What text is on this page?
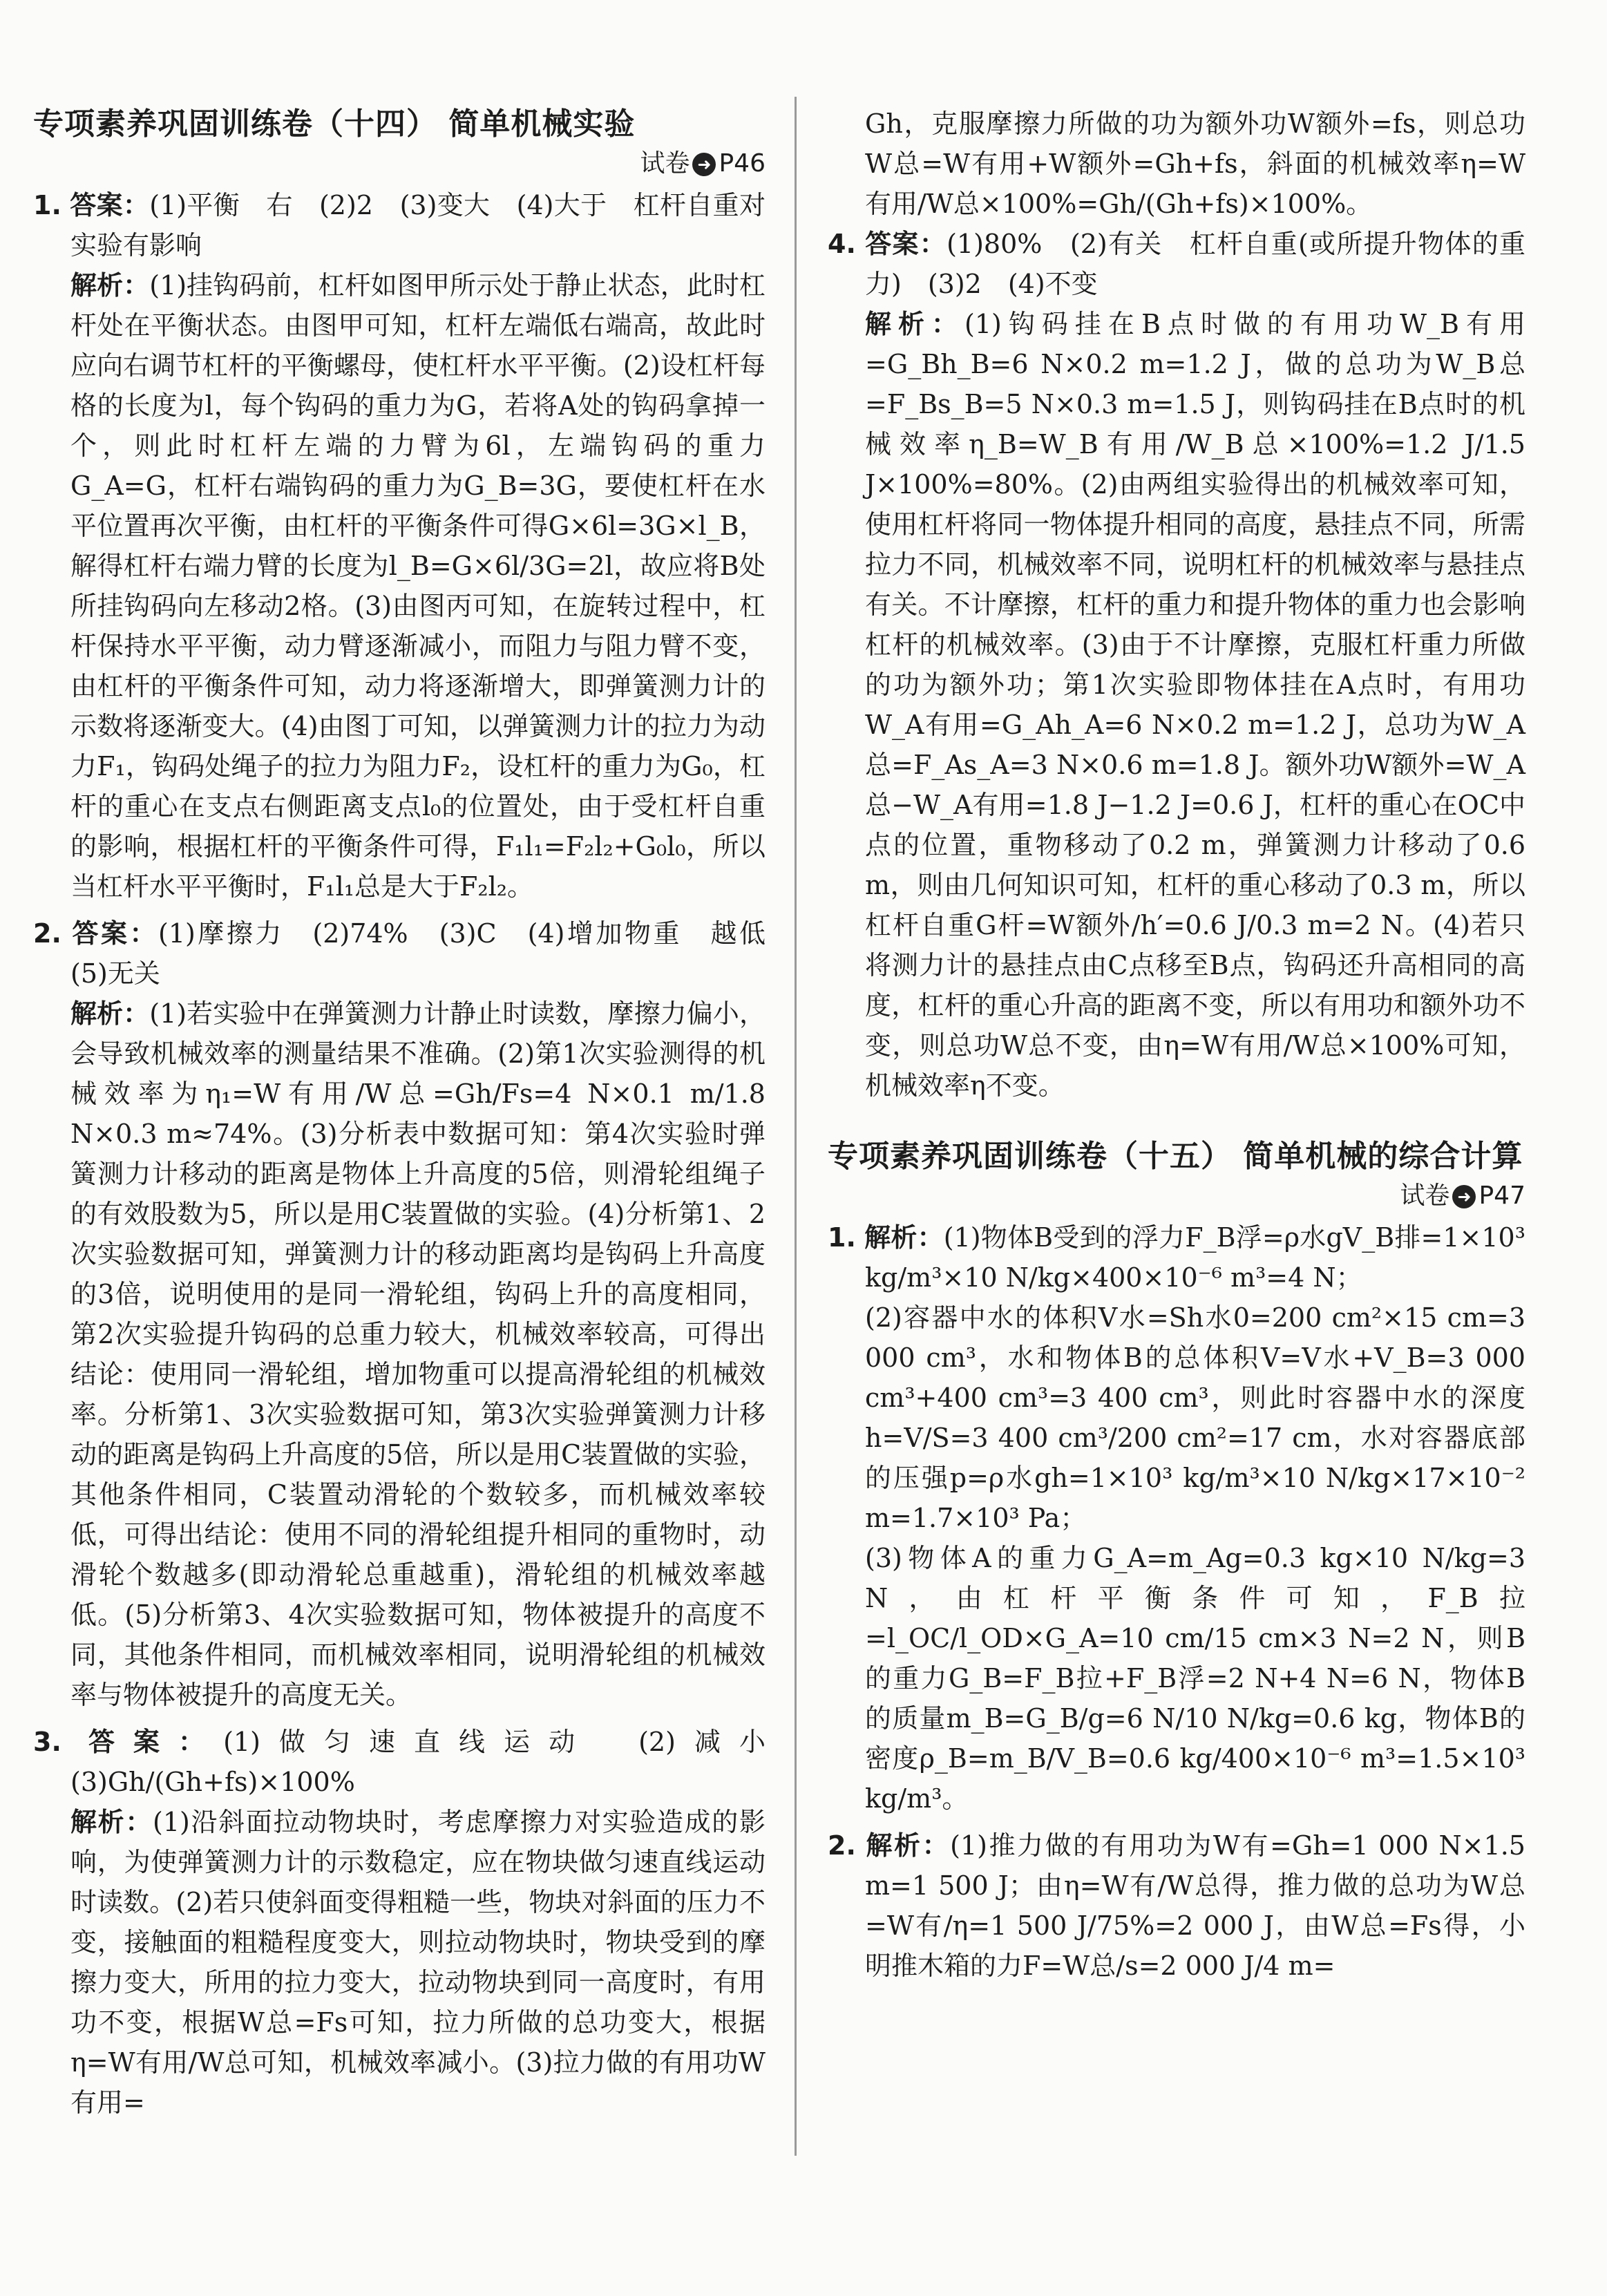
专项素养巩固训练卷（十四） 简单机械实验
试卷 ➜ P46

1. 答案：(1)平衡　右　(2)2　(3)变大　(4)大于　杠杆自重对实验有影响

解析：(1)挂钩码前，杠杆如图甲所示处于静止状态，此时杠杆处在平衡状态。由图甲可知，杠杆左端低右端高，故此时应向右调节杠杆的平衡螺母，使杠杆水平平衡。(2)设杠杆每格的长度为l，每个钩码的重力为G，若将A处的钩码拿掉一个，则此时杠杆左端的力臂为6l，左端钩码的重力G_A=G，杠杆右端钩码的重力为G_B=3G，要使杠杆在水平位置再次平衡，由杠杆的平衡条件可得G×6l=3G×l_B，解得杠杆右端力臂的长度为l_B=G×6l/3G=2l，故应将B处所挂钩码向左移动2格。(3)由图丙可知，在旋转过程中，杠杆保持水平平衡，动力臂逐渐减小，而阻力与阻力臂不变，由杠杆的平衡条件可知，动力将逐渐增大，即弹簧测力计的示数将逐渐变大。(4)由图丁可知，以弹簧测力计的拉力为动力F₁，钩码处绳子的拉力为阻力F₂，设杠杆的重力为G₀，杠杆的重心在支点右侧距离支点l₀的位置处，由于受杠杆自重的影响，根据杠杆的平衡条件可得，F₁l₁=F₂l₂+G₀l₀，所以当杠杆水平平衡时，F₁l₁总是大于F₂l₂。

2. 答案：(1)摩擦力　(2)74%　(3)C　(4)增加物重　越低　(5)无关

解析：(1)若实验中在弹簧测力计静止时读数，摩擦力偏小，会导致机械效率的测量结果不准确。(2)第1次实验测得的机械效率为η₁=W有用/W总=Gh/Fs=4 N×0.1 m/1.8 N×0.3 m≈74%。(3)分析表中数据可知：第4次实验时弹簧测力计移动的距离是物体上升高度的5倍，则滑轮组绳子的有效股数为5，所以是用C装置做的实验。(4)分析第1、2次实验数据可知，弹簧测力计的移动距离均是钩码上升高度的3倍，说明使用的是同一滑轮组，钩码上升的高度相同，第2次实验提升钩码的总重力较大，机械效率较高，可得出结论：使用同一滑轮组，增加物重可以提高滑轮组的机械效率。分析第1、3次实验数据可知，第3次实验弹簧测力计移动的距离是钩码上升高度的5倍，所以是用C装置做的实验，其他条件相同，C装置动滑轮的个数较多，而机械效率较低，可得出结论：使用不同的滑轮组提升相同的重物时，动滑轮个数越多(即动滑轮总重越重)，滑轮组的机械效率越低。(5)分析第3、4次实验数据可知，物体被提升的高度不同，其他条件相同，而机械效率相同，说明滑轮组的机械效率与物体被提升的高度无关。

3. 答案：(1)做匀速直线运动　(2)减小　(3)Gh/(Gh+fs)×100%

解析：(1)沿斜面拉动物块时，考虑摩擦力对实验造成的影响，为使弹簧测力计的示数稳定，应在物块做匀速直线运动时读数。(2)若只使斜面变得粗糙一些，物块对斜面的压力不变，接触面的粗糙程度变大，则拉动物块时，物块受到的摩擦力变大，所用的拉力变大，拉动物块到同一高度时，有用功不变，根据W总=Fs可知，拉力所做的总功变大，根据η=W有用/W总可知，机械效率减小。(3)拉力做的有用功W有用=

Gh，克服摩擦力所做的功为额外功W额外=fs，则总功W总=W有用+W额外=Gh+fs，斜面的机械效率η=W有用/W总×100%=Gh/(Gh+fs)×100%。

4. 答案：(1)80%　(2)有关　杠杆自重(或所提升物体的重力)　(3)2　(4)不变

解析：(1)钩码挂在B点时做的有用功W_B有用=G_Bh_B=6 N×0.2 m=1.2 J，做的总功为W_B总=F_Bs_B=5 N×0.3 m=1.5 J，则钩码挂在B点时的机械效率η_B=W_B有用/W_B总×100%=1.2 J/1.5 J×100%=80%。(2)由两组实验得出的机械效率可知，使用杠杆将同一物体提升相同的高度，悬挂点不同，所需拉力不同，机械效率不同，说明杠杆的机械效率与悬挂点有关。不计摩擦，杠杆的重力和提升物体的重力也会影响杠杆的机械效率。(3)由于不计摩擦，克服杠杆重力所做的功为额外功；第1次实验即物体挂在A点时，有用功W_A有用=G_Ah_A=6 N×0.2 m=1.2 J，总功为W_A总=F_As_A=3 N×0.6 m=1.8 J。额外功W额外=W_A总−W_A有用=1.8 J−1.2 J=0.6 J，杠杆的重心在OC中点的位置，重物移动了0.2 m，弹簧测力计移动了0.6 m，则由几何知识可知，杠杆的重心移动了0.3 m，所以杠杆自重G杆=W额外/h′=0.6 J/0.3 m=2 N。(4)若只将测力计的悬挂点由C点移至B点，钩码还升高相同的高度，杠杆的重心升高的距离不变，所以有用功和额外功不变，则总功W总不变，由η=W有用/W总×100%可知，机械效率η不变。

专项素养巩固训练卷（十五） 简单机械的综合计算
试卷 ➜ P47

1. 解析：(1)物体B受到的浮力F_B浮=ρ水gV_B排=1×10³ kg/m³×10 N/kg×400×10⁻⁶ m³=4 N；

(2)容器中水的体积V水=Sh水0=200 cm²×15 cm=3 000 cm³，水和物体B的总体积V=V水+V_B=3 000 cm³+400 cm³=3 400 cm³，则此时容器中水的深度h=V/S=3 400 cm³/200 cm²=17 cm，水对容器底部的压强p=ρ水gh=1×10³ kg/m³×10 N/kg×17×10⁻² m=1.7×10³ Pa；

(3)物体A的重力G_A=m_Ag=0.3 kg×10 N/kg=3 N，由杠杆平衡条件可知，F_B拉=l_OC/l_OD×G_A=10 cm/15 cm×3 N=2 N，则B的重力G_B=F_B拉+F_B浮=2 N+4 N=6 N，物体B的质量m_B=G_B/g=6 N/10 N/kg=0.6 kg，物体B的密度ρ_B=m_B/V_B=0.6 kg/400×10⁻⁶ m³=1.5×10³ kg/m³。

2. 解析：(1)推力做的有用功为W有=Gh=1 000 N×1.5 m=1 500 J；由η=W有/W总得，推力做的总功为W总=W有/η=1 500 J/75%=2 000 J，由W总=Fs得，小明推木箱的力F=W总/s=2 000 J/4 m=
